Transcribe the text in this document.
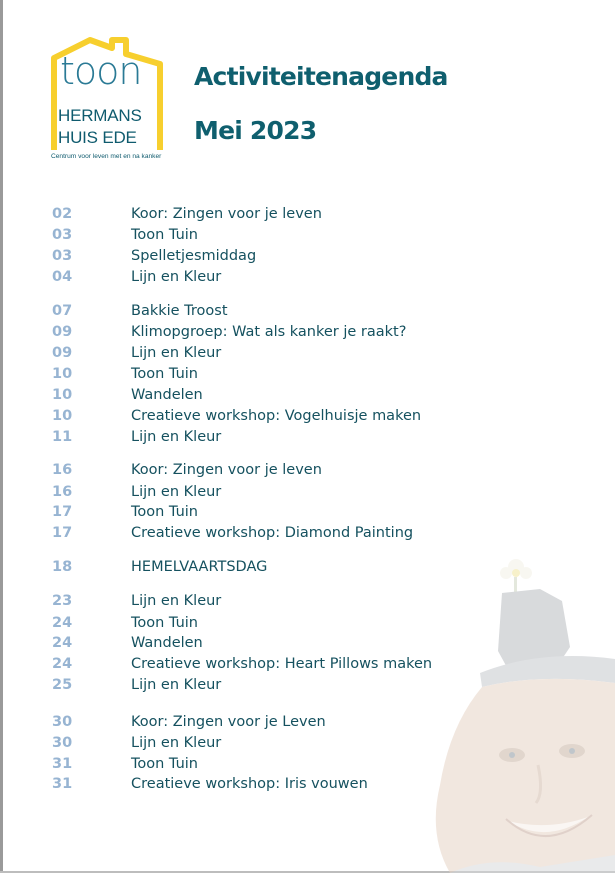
toon
HERMANS
HUIS EDE
Centrum voor leven met en na kanker
Activiteitenagenda
Mei 2023
02	Koor: Zingen voor je leven
03	Toon Tuin
03	Spelletjesmiddag
04	Lijn en Kleur
07	Bakkie Troost
09	Klimopgroep: Wat als kanker je raakt?
09	Lijn en Kleur
10	Toon Tuin
10	Wandelen
10	Creatieve workshop: Vogelhuisje maken
11	Lijn en Kleur
16	Koor: Zingen voor je leven
16	Lijn en Kleur
17	Toon Tuin
17	Creatieve workshop: Diamond Painting
18	HEMELVAARTSDAG
23	Lijn en Kleur
24	Toon Tuin
24	Wandelen
24	Creatieve workshop: Heart Pillows maken
25	Lijn en Kleur
30	Koor: Zingen voor je Leven
30	Lijn en Kleur
31	Toon Tuin
31	Creatieve workshop: Iris vouwen
